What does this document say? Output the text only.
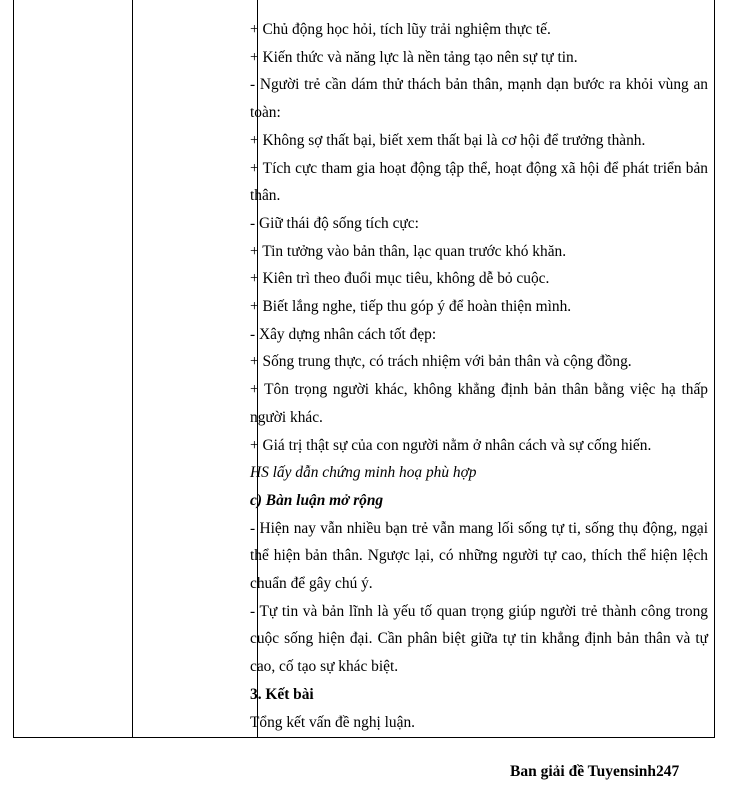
+ Chủ động học hỏi, tích lũy trải nghiệm thực tế.

+ Kiến thức và năng lực là nền tảng tạo nên sự tự tin.

- Người trẻ cần dám thử thách bản thân, mạnh dạn bước ra khỏi vùng an toàn:

+ Không sợ thất bại, biết xem thất bại là cơ hội để trưởng thành.

+ Tích cực tham gia hoạt động tập thể, hoạt động xã hội để phát triển bản thân.

- Giữ thái độ sống tích cực:

+ Tin tưởng vào bản thân, lạc quan trước khó khăn.

+ Kiên trì theo đuổi mục tiêu, không dễ bỏ cuộc.

+ Biết lắng nghe, tiếp thu góp ý để hoàn thiện mình.

- Xây dựng nhân cách tốt đẹp:

+ Sống trung thực, có trách nhiệm với bản thân và cộng đồng.

+ Tôn trọng người khác, không khẳng định bản thân bằng việc hạ thấp người khác.

+ Giá trị thật sự của con người nằm ở nhân cách và sự cống hiến.

HS lấy dẫn chứng minh hoạ phù hợp

c) Bàn luận mở rộng

- Hiện nay vẫn nhiều bạn trẻ vẫn mang lối sống tự ti, sống thụ động, ngại thể hiện bản thân. Ngược lại, có những người tự cao, thích thể hiện lệch chuẩn để gây chú ý.

- Tự tin và bản lĩnh là yếu tố quan trọng giúp người trẻ thành công trong cuộc sống hiện đại. Cần phân biệt giữa tự tin khẳng định bản thân và tự cao, cố tạo sự khác biệt.

3. Kết bài

Tổng kết vấn đề nghị luận.

Ban giải đề Tuyensinh247
